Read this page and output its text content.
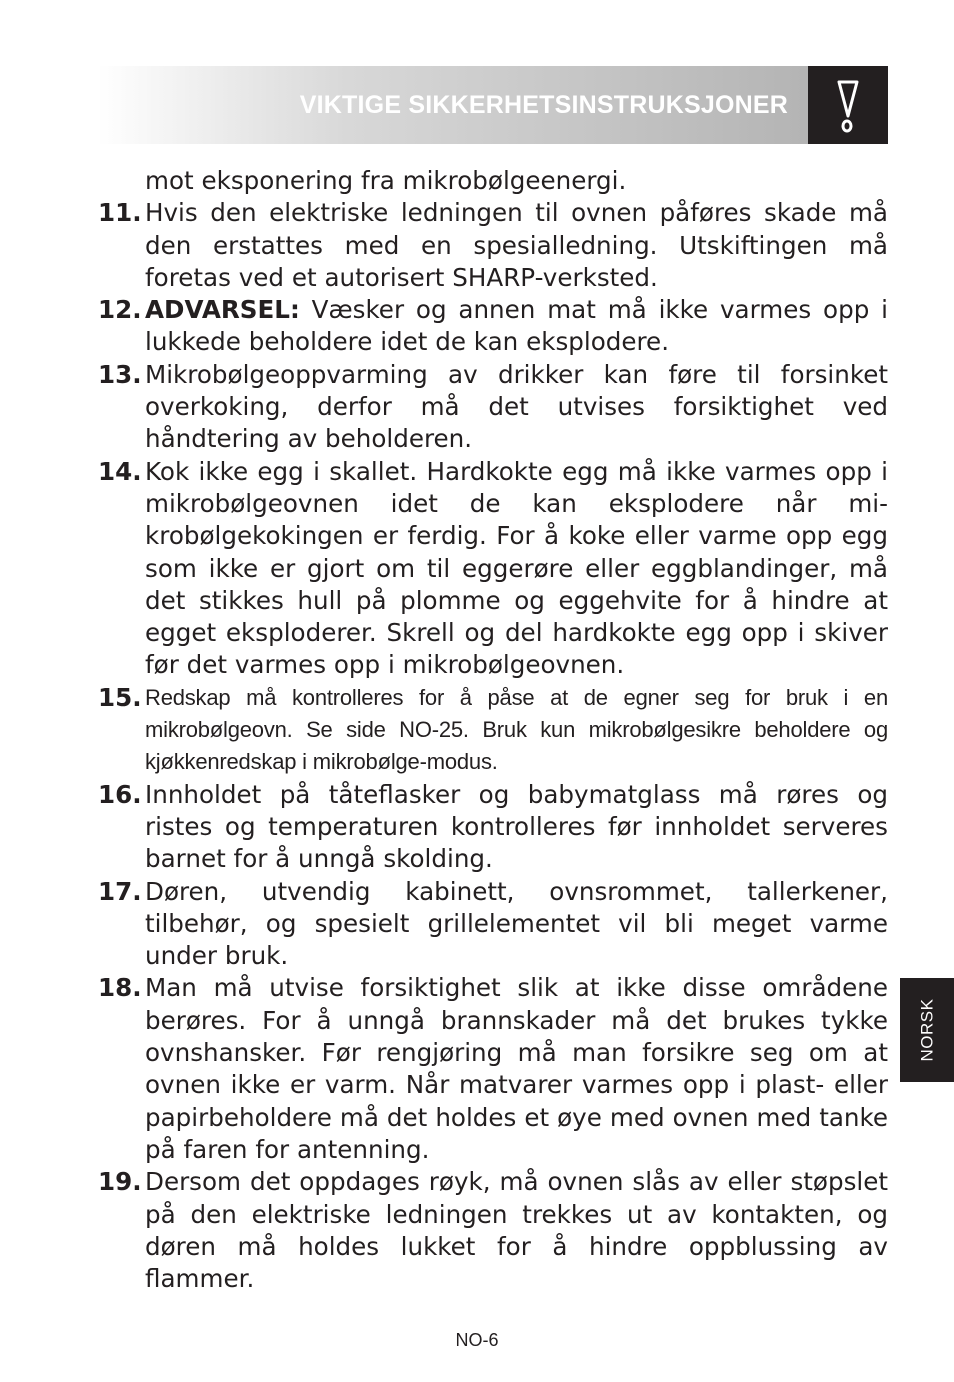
VIKTIGE SIKKERHETSINSTRUKSJONER
mot eksponering fra mikrobølgeenergi.
11. Hvis den elektriske ledningen til ovnen påføres skade må den erstattes med en spesialledning. Utskiftingen må foretas ved et autorisert SHARP-verksted.
12. ADVARSEL: Væsker og annen mat må ikke varmes opp i lukkede beholdere idet de kan eksplodere.
13. Mikrobølgeoppvarming av drikker kan føre til forsinket overkoking, derfor må det utvises forsiktighet ved håndtering av beholderen.
14. Kok ikke egg i skallet. Hardkokte egg må ikke varmes opp i mikrobølgeovnen idet de kan eksplodere når mikrobølgekokingen er ferdig. For å koke eller varme opp egg som ikke er gjort om til eggerøre eller eggblandinger, må det stikkes hull på plomme og eggehvite for å hindre at egget eksploderer. Skrell og del hardkokte egg opp i skiver før det varmes opp i mikrobølgeovnen.
15. Redskap må kontrolleres for å påse at de egner seg for bruk i en mikrobølgeovn. Se side NO-25. Bruk kun mikrobølgesikre beholdere og kjøkkenredskap i mikrobølge-modus.
16. Innholdet på tåteflasker og babymatglass må røres og ristes og temperaturen kontrolleres før innholdet serveres barnet for å unngå skolding.
17. Døren, utvendig kabinett, ovnsrommet, tallerkener, tilbehør, og spesielt grillelementet vil bli meget varme under bruk.
18. Man må utvise forsiktighet slik at ikke disse områdene berøres. For å unngå brannskader må det brukes tykke ovnshansker. Før rengjøring må man forsikre seg om at ovnen ikke er varm. Når matvarer varmes opp i plast- eller papirbeholdere må det holdes et øye med ovnen med tanke på faren for antenning.
19. Dersom det oppdages røyk, må ovnen slås av eller støpslet på den elektriske ledningen trekkes ut av kontakten, og døren må holdes lukket for å hindre oppblussing av flammer.
NO-6
NORSK
